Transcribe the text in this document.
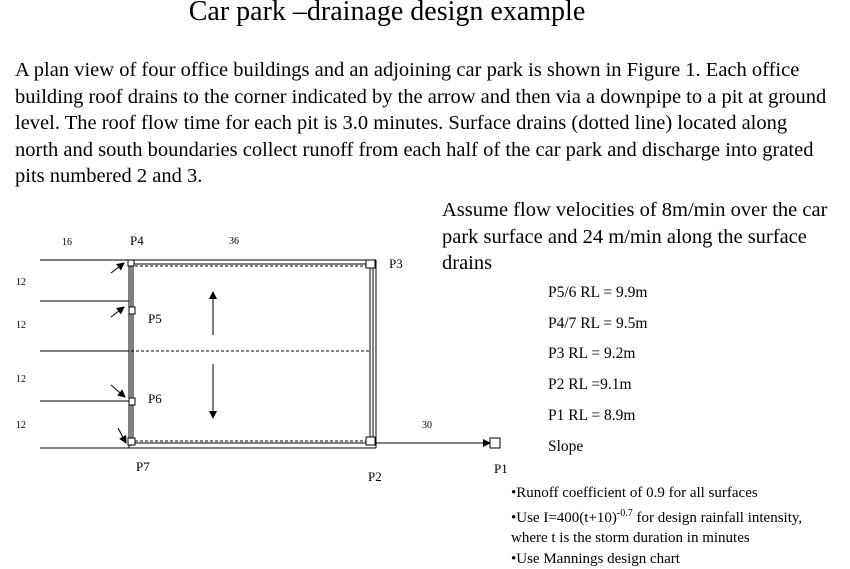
Car park –drainage design example
A plan view of four office buildings and an adjoining car park is shown in Figure 1. Each office building roof drains to the corner indicated by the arrow and then via a downpipe to a pit at ground level. The roof flow time for each pit is 3.0 minutes. Surface drains (dotted line) located along north and south boundaries collect runoff from each half of the car park and discharge into grated pits numbered 2 and 3.
Assume flow velocities of 8m/min over the car park surface and 24 m/min along the surface drains
P5/6 RL = 9.9m
P4/7 RL = 9.5m
P3 RL = 9.2m
P2 RL =9.1m
P1 RL = 8.9m
Slope
16	36
12
12
12
12	30
P4
P3
P5
P6
P7
P2
P1
•Runoff coefficient of 0.9 for all surfaces
•Use $I=400(t+10)^{-0.7}$ for design rainfall intensity,
where t is the storm duration in minutes
•Use Mannings design chart
